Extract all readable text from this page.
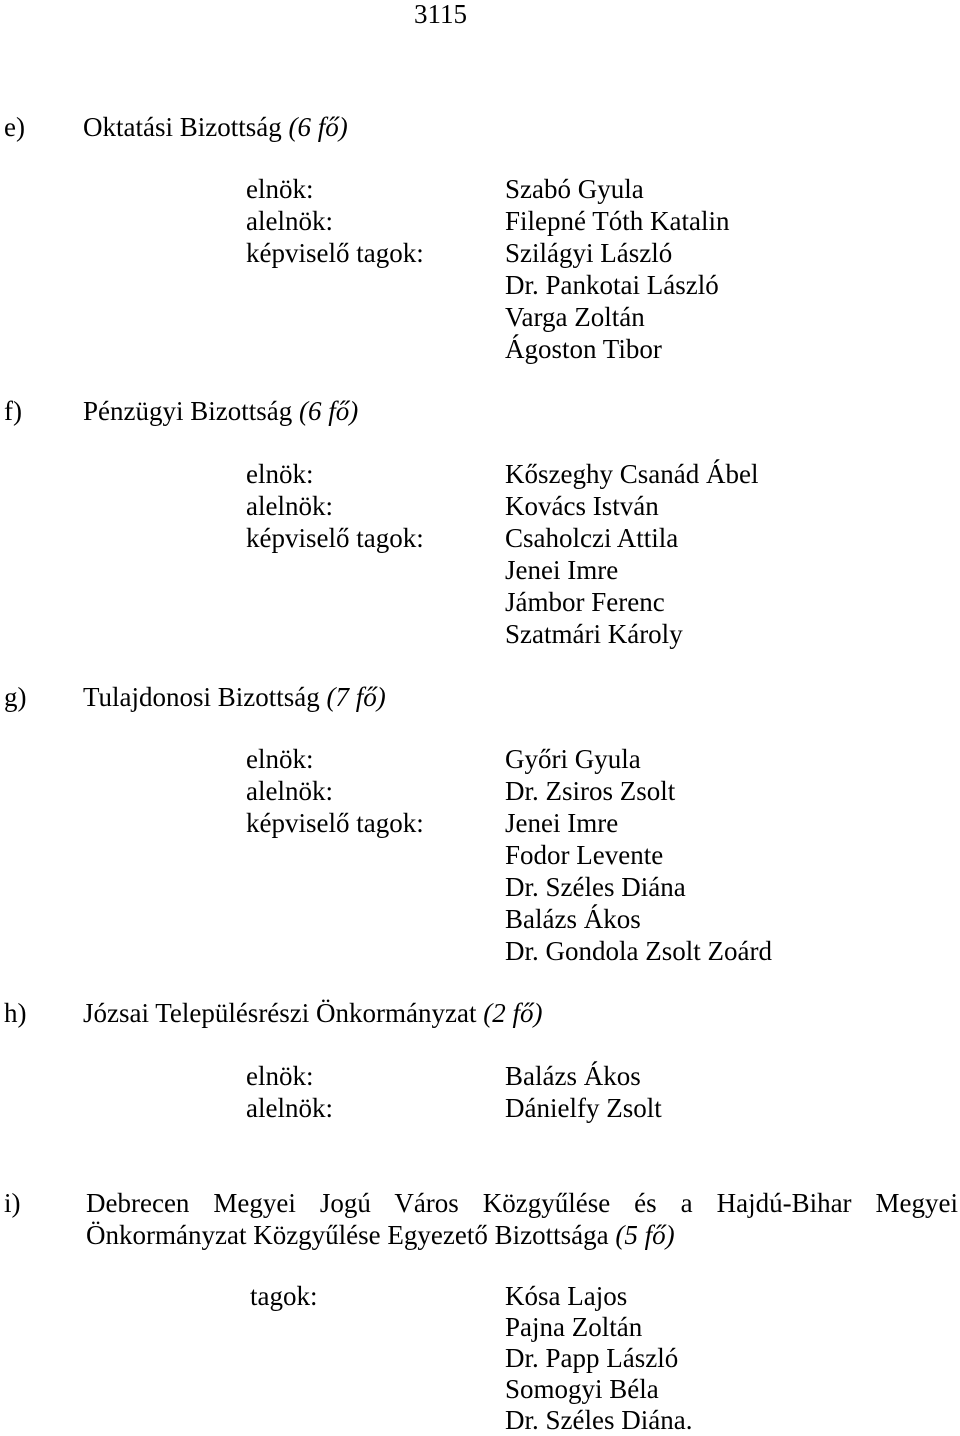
3115
e) Oktatási Bizottság (6 fő)
elnök:	Szabó Gyula
alelnök:	Filepné Tóth Katalin
képviselő tagok:	Szilágyi László
Dr. Pankotai László
Varga Zoltán
Ágoston Tibor
f) Pénzügyi Bizottság (6 fő)
elnök:	Kőszeghy Csanád Ábel
alelnök:	Kovács István
képviselő tagok:	Csaholczi Attila
Jenei Imre
Jámbor Ferenc
Szatmári Károly
g) Tulajdonosi Bizottság (7 fő)
elnök:	Győri Gyula
alelnök:	Dr. Zsiros Zsolt
képviselő tagok:	Jenei Imre
Fodor Levente
Dr. Széles Diána
Balázs Ákos
Dr. Gondola Zsolt Zoárd
h) Józsai Településrészi Önkormányzat (2 fő)
elnök:	Balázs Ákos
alelnök:	Dánielfy Zsolt
i) Debrecen Megyei Jogú Város Közgyűlése és a Hajdú-Bihar Megyei
Önkormányzat Közgyűlése Egyezető Bizottsága (5 fő)
tagok:	Kósa Lajos
Pajna Zoltán
Dr. Papp László
Somogyi Béla
Dr. Széles Diána.
